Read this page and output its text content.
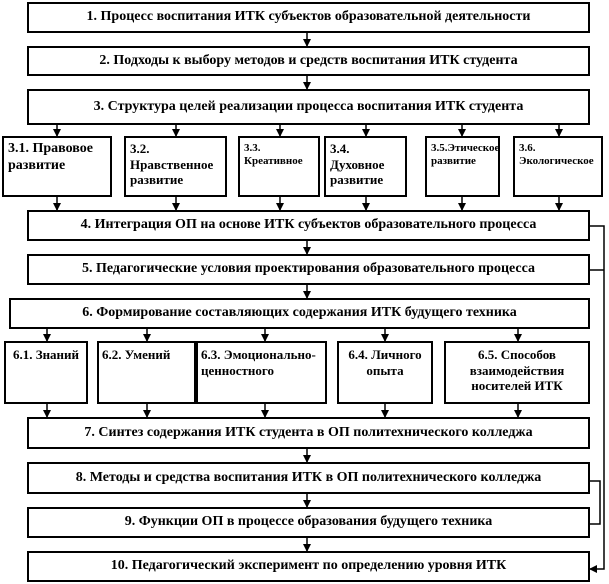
1. Процесс воспитания ИТК субъектов образовательной деятельности
2. Подходы к выбору методов и средств воспитания ИТК студента
3. Структура целей реализации процесса воспитания ИТК студента
3.1. Правовое развитие
3.2. Нравственное развитие
3.3. Креативное
3.4. Духовное развитие
3.5.Этическое развитие
3.6. Экологическое
4. Интеграция ОП на основе ИТК субъектов образовательного процесса
5. Педагогические условия проектирования образовательного процесса
6. Формирование составляющих содержания ИТК будущего техника
6.1. Знаний	6.2. Умений	6.3. Эмоционально-ценностного
6.4. Личного опыта
6.5. Способов взаимодействия носителей ИТК
7. Синтез содержания ИТК студента в ОП политехнического колледжа
8. Методы и средства воспитания ИТК в ОП политехнического колледжа
9. Функции ОП в процессе образования будущего техника
10. Педагогический эксперимент по определению уровня ИТК
